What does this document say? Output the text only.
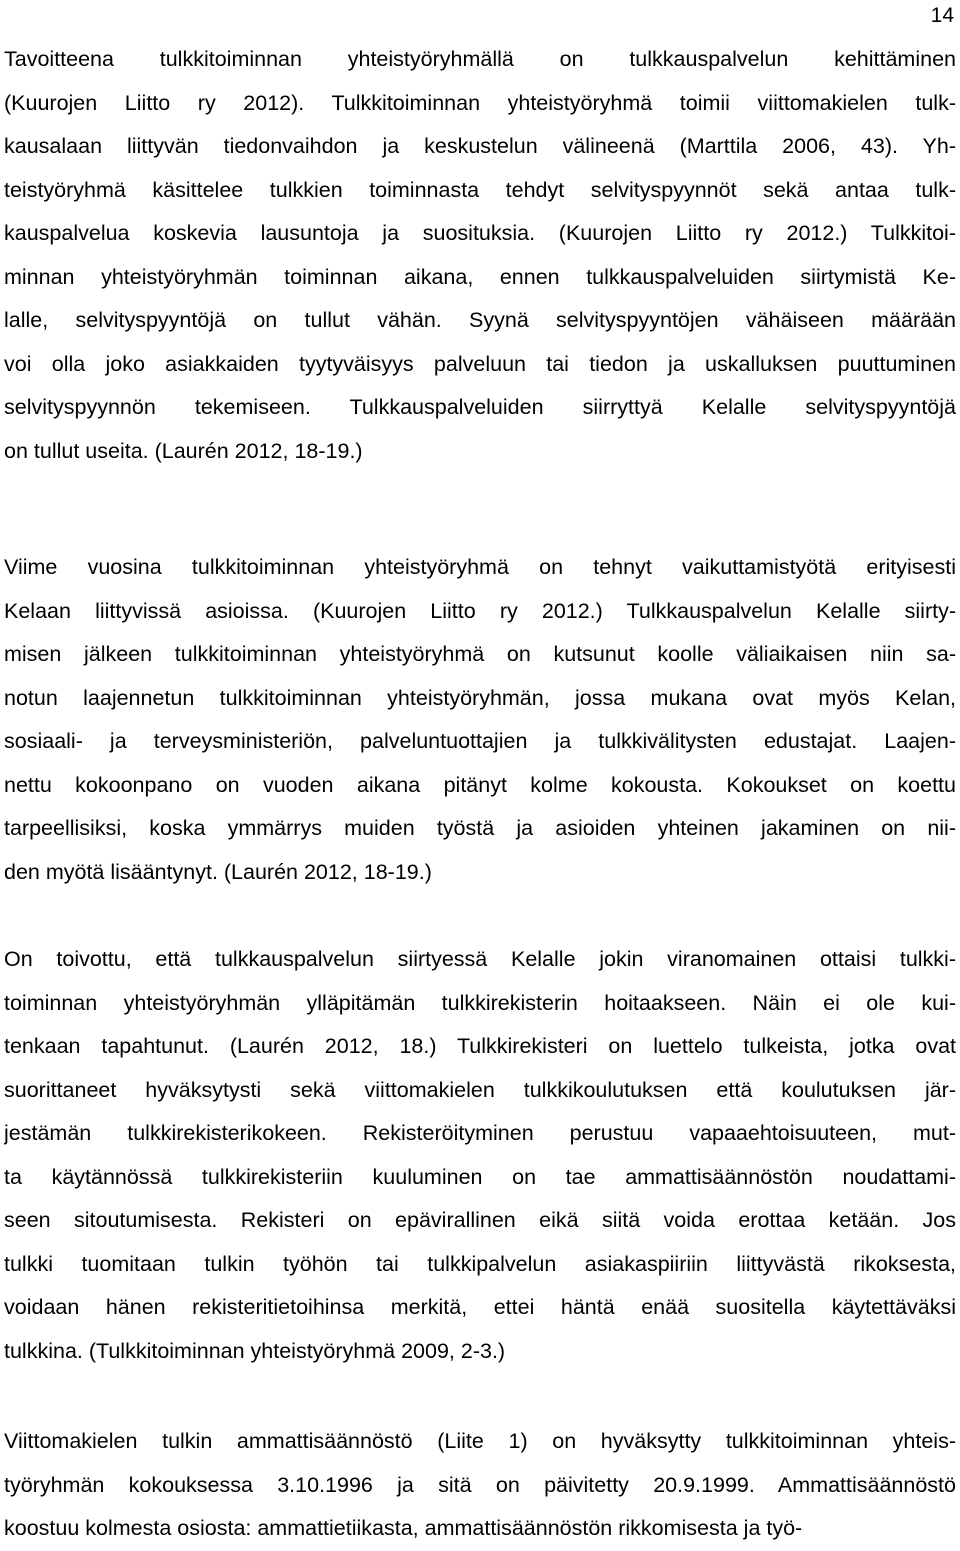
14
Tavoitteena tulkkitoiminnan yhteistyöryhmällä on tulkkauspalvelun kehittäminen
(Kuurojen Liitto ry 2012). Tulkkitoiminnan yhteistyöryhmä toimii viittomakielen tulk-
kausalaan liittyvän tiedonvaihdon ja keskustelun välineenä (Marttila 2006, 43). Yh-
teistyöryhmä käsittelee tulkkien toiminnasta tehdyt selvityspyynnöt sekä antaa tulk-
kauspalvelua koskevia lausuntoja ja suosituksia. (Kuurojen Liitto ry 2012.) Tulkkitoi-
minnan yhteistyöryhmän toiminnan aikana, ennen tulkkauspalveluiden siirtymistä Ke-
lalle, selvityspyyntöjä on tullut vähän. Syynä selvityspyyntöjen vähäiseen määrään
voi olla joko asiakkaiden tyytyväisyys palveluun tai tiedon ja uskalluksen puuttuminen
selvityspyynnön tekemiseen. Tulkkauspalveluiden siirryttyä Kelalle selvityspyyntöjä
on tullut useita. (Laurén 2012, 18-19.)
Viime vuosina tulkkitoiminnan yhteistyöryhmä on tehnyt vaikuttamistyötä erityisesti
Kelaan liittyvissä asioissa. (Kuurojen Liitto ry 2012.) Tulkkauspalvelun Kelalle siirty-
misen jälkeen tulkkitoiminnan yhteistyöryhmä on kutsunut koolle väliaikaisen niin sa-
notun laajennetun tulkkitoiminnan yhteistyöryhmän, jossa mukana ovat myös Kelan,
sosiaali- ja terveysministeriön, palveluntuottajien ja tulkkivälitysten edustajat. Laajen-
nettu kokoonpano on vuoden aikana pitänyt kolme kokousta. Kokoukset on koettu
tarpeellisiksi, koska ymmärrys muiden työstä ja asioiden yhteinen jakaminen on nii-
den myötä lisääntynyt. (Laurén 2012, 18-19.)
On toivottu, että tulkkauspalvelun siirtyessä Kelalle jokin viranomainen ottaisi tulkki-
toiminnan yhteistyöryhmän ylläpitämän tulkkirekisterin hoitaakseen. Näin ei ole kui-
tenkaan tapahtunut. (Laurén 2012, 18.) Tulkkirekisteri on luettelo tulkeista, jotka ovat
suorittaneet hyväksytysti sekä viittomakielen tulkkikoulutuksen että koulutuksen jär-
jestämän tulkkirekisterikokeen. Rekisteröityminen perustuu vapaaehtoisuuteen, mut-
ta käytännössä tulkkirekisteriin kuuluminen on tae ammattisäännöstön noudattami-
seen sitoutumisesta. Rekisteri on epävirallinen eikä siitä voida erottaa ketään. Jos
tulkki tuomitaan tulkin työhön tai tulkkipalvelun asiakaspiiriin liittyvästä rikoksesta,
voidaan hänen rekisteritietoihinsa merkitä, ettei häntä enää suositella käytettäväksi
tulkkina. (Tulkkitoiminnan yhteistyöryhmä 2009, 2-3.)
Viittomakielen tulkin ammattisäännöstö (Liite 1) on hyväksytty tulkkitoiminnan yhteis-
työryhmän kokouksessa 3.10.1996 ja sitä on päivitetty 20.9.1999. Ammattisäännöstö
koostuu kolmesta osiosta: ammattietiikasta, ammattisäännöstön rikkomisesta ja työ-
